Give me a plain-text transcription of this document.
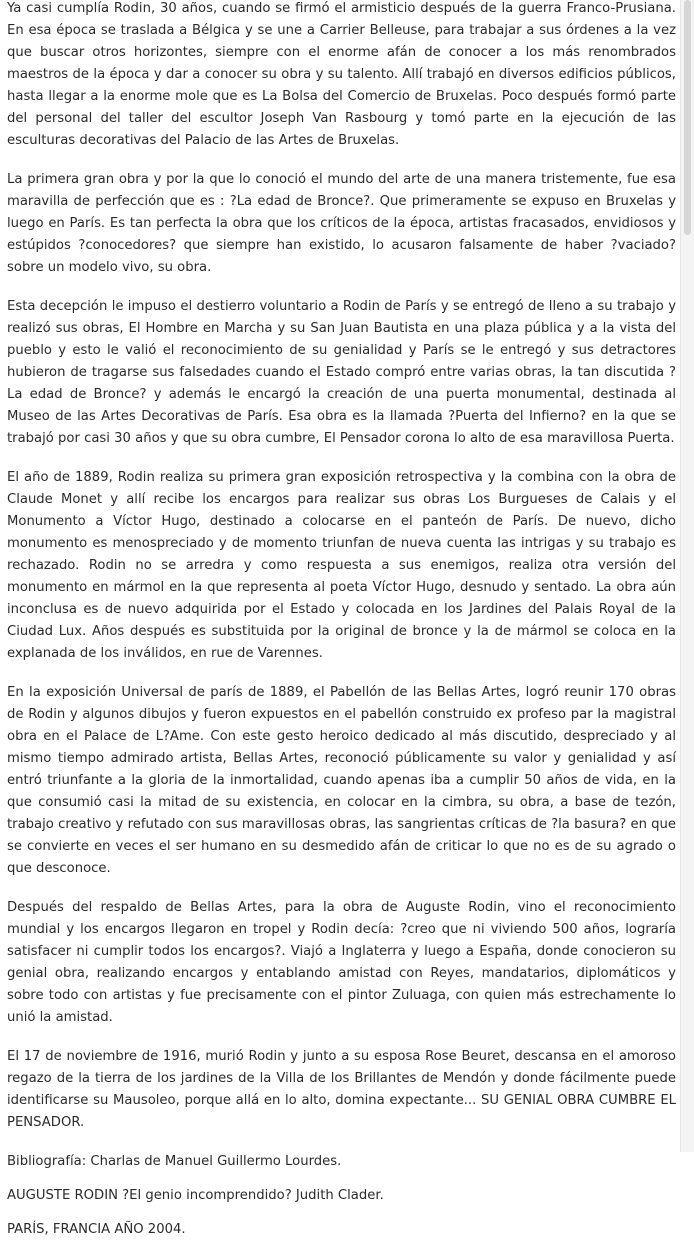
Ya casi cumplía Rodin, 30 años, cuando se firmó el armisticio después de la guerra Franco-Prusiana. En esa época se traslada a Bélgica y se une a Carrier Belleuse, para trabajar a sus órdenes a la vez que buscar otros horizontes, siempre con el enorme afán de conocer a los más renombrados maestros de la época y dar a conocer su obra y su talento. Allí trabajó en diversos edificios públicos, hasta llegar a la enorme mole que es La Bolsa del Comercio de Bruxelas. Poco después formó parte del personal del taller del escultor Joseph Van Rasbourg y tomó parte en la ejecución de las esculturas decorativas del Palacio de las Artes de Bruxelas.

La primera gran obra y por la que lo conoció el mundo del arte de una manera tristemente, fue esa maravilla de perfección que es : ?La edad de Bronce?. Que primeramente se expuso en Bruxelas y luego en París. Es tan perfecta la obra que los críticos de la época, artistas fracasados, envidiosos y estúpidos ?conocedores? que siempre han existido, lo acusaron falsamente de haber ?vaciado? sobre un modelo vivo, su obra.

Esta decepción le impuso el destierro voluntario a Rodin de París y se entregó de lleno a su trabajo y realizó sus obras, El Hombre en Marcha y su San Juan Bautista en una plaza pública y a la vista del pueblo y esto le valió el reconocimiento de su genialidad y París se le entregó y sus detractores hubieron de tragarse sus falsedades cuando el Estado compró entre varias obras, la tan discutida ?La edad de Bronce? y además le encargó la creación de una puerta monumental, destinada al Museo de las Artes Decorativas de París. Esa obra es la llamada ?Puerta del Infierno? en la que se trabajó por casi 30 años y que su obra cumbre, El Pensador corona lo alto de esa maravillosa Puerta.

El año de 1889, Rodin realiza su primera gran exposición retrospectiva y la combina con la obra de Claude Monet y allí recibe los encargos para realizar sus obras Los Burgueses de Calais y el Monumento a Víctor Hugo, destinado a colocarse en el panteón de París. De nuevo, dicho monumento es menospreciado y de momento triunfan de nueva cuenta las intrigas y su trabajo es rechazado. Rodin no se arredra y como respuesta a sus enemigos, realiza otra versión del monumento en mármol en la que representa al poeta Víctor Hugo, desnudo y sentado. La obra aún inconclusa es de nuevo adquirida por el Estado y colocada en los Jardines del Palais Royal de la Ciudad Lux. Años después es substituida por la original de bronce y la de mármol se coloca en la explanada de los inválidos, en rue de Varennes.

En la exposición Universal de parís de 1889, el Pabellón de las Bellas Artes, logró reunir 170 obras de Rodin y algunos dibujos y fueron expuestos en el pabellón construido ex profeso par la magistral obra en el Palace de L?Ame. Con este gesto heroico dedicado al más discutido, despreciado y al mismo tiempo admirado artista, Bellas Artes, reconoció públicamente su valor y genialidad y así entró triunfante a la gloria de la inmortalidad, cuando apenas iba a cumplir 50 años de vida, en la que consumió casi la mitad de su existencia, en colocar en la cimbra, su obra, a base de tezón, trabajo creativo y refutado con sus maravillosas obras, las sangrientas críticas de ?la basura? en que se convierte en veces el ser humano en su desmedido afán de criticar lo que no es de su agrado o que desconoce.

Después del respaldo de Bellas Artes, para la obra de Auguste Rodin, vino el reconocimiento mundial y los encargos llegaron en tropel y Rodin decía: ?creo que ni viviendo 500 años, lograría satisfacer ni cumplir todos los encargos?. Viajó a Inglaterra y luego a España, donde conocieron su genial obra, realizando encargos y entablando amistad con Reyes, mandatarios, diplomáticos y sobre todo con artistas y fue precisamente con el pintor Zuluaga, con quien más estrechamente lo unió la amistad.

El 17 de noviembre de 1916, murió Rodin y junto a su esposa Rose Beuret, descansa en el amoroso regazo de la tierra de los jardines de la Villa de los Brillantes de Mendón y donde fácilmente puede identificarse su Mausoleo, porque allá en lo alto, domina expectante... SU GENIAL OBRA CUMBRE EL PENSADOR.

Bibliografía: Charlas de Manuel Guillermo Lourdes.

AUGUSTE RODIN ?El genio incomprendido? Judith Clader.

PARÍS, FRANCIA AÑO 2004.
